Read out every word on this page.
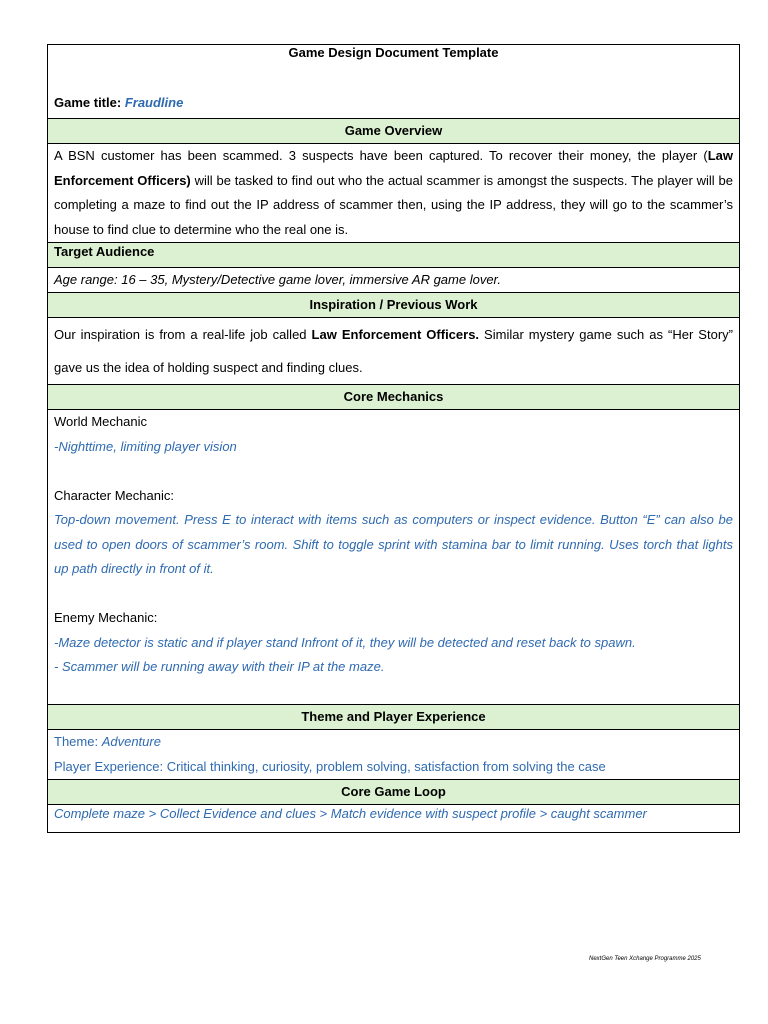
Game Design Document Template
Game title: Fraudline

Game Overview
A BSN customer has been scammed. 3 suspects have been captured. To recover their money, the player (Law Enforcement Officers) will be tasked to find out who the actual scammer is amongst the suspects. The player will be completing a maze to find out the IP address of scammer then, using the IP address, they will go to the scammer’s house to find clue to determine who the real one is.
Target Audience
Age range: 16 – 35, Mystery/Detective game lover, immersive AR game lover.
Inspiration / Previous Work
Our inspiration is from a real-life job called Law Enforcement Officers. Similar mystery game such as “Her Story” gave us the idea of holding suspect and finding clues.
Core Mechanics

World Mechanic
-Nighttime, limiting player vision
Character Mechanic:
Top-down movement. Press E to interact with items such as computers or inspect evidence. Button “E” can also be used to open doors of scammer’s room. Shift to toggle sprint with stamina bar to limit running. Uses torch that lights up path directly in front of it.
Enemy Mechanic:
-Maze detector is static and if player stand Infront of it, they will be detected and reset back to spawn.
- Scammer will be running away with their IP at the maze.

Theme and Player Experience

Theme: Adventure
Player Experience: Critical thinking, curiosity, problem solving, satisfaction from solving the case

Core Game Loop
Complete maze > Collect Evidence and clues > Match evidence with suspect profile > caught scammer
NextGen Teen Xchange Programme 2025
